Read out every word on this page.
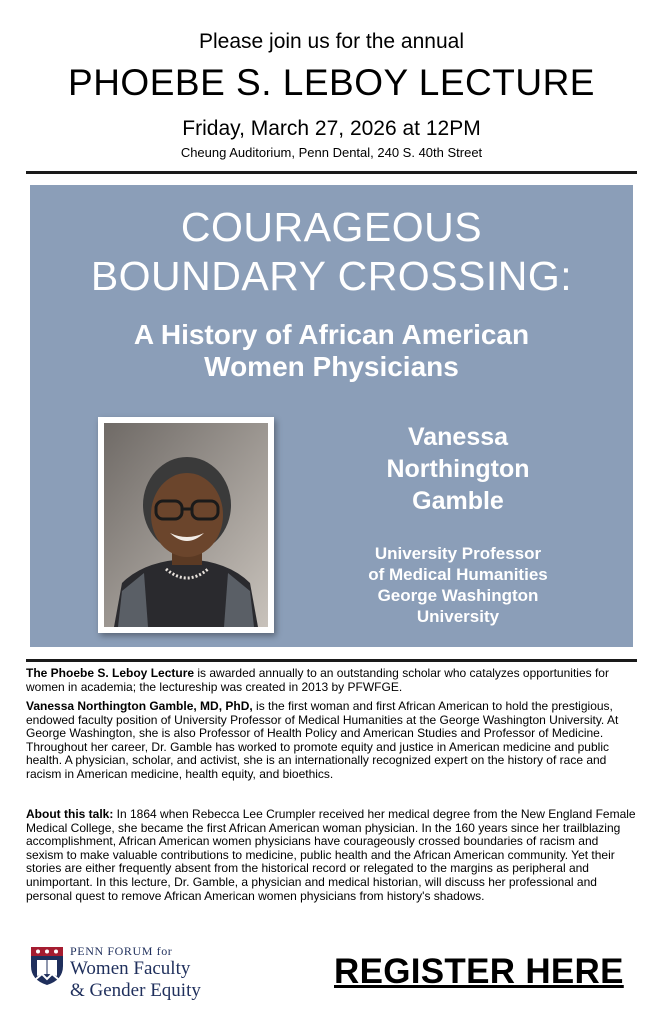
Please join us for the annual
PHOEBE S. LEBOY LECTURE
Friday, March 27, 2026 at 12PM
Cheung Auditorium, Penn Dental, 240 S. 40th Street
COURAGEOUS
BOUNDARY CROSSING:
A History of African American
Women Physicians
Vanessa
Northington
Gamble
University Professor
of Medical Humanities
George Washington
University

The Phoebe S. Leboy Lecture is awarded annually to an outstanding scholar who catalyzes opportunities for women in academia; the lectureship was created in 2013 by PFWFGE.

Vanessa Northington Gamble, MD, PhD, is the first woman and first African American to hold the prestigious, endowed faculty position of University Professor of Medical Humanities at the George Washington University. At George Washington, she is also Professor of Health Policy and American Studies and Professor of Medicine. Throughout her career, Dr. Gamble has worked to promote equity and justice in American medicine and public health. A physician, scholar, and activist, she is an internationally recognized expert on the history of race and racism in American medicine, health equity, and bioethics.

About this talk: In 1864 when Rebecca Lee Crumpler received her medical degree from the New England Female Medical College, she became the first African American woman physician. In the 160 years since her trailblazing accomplishment, African American women physicians have courageously crossed boundaries of racism and sexism to make valuable contributions to medicine, public health and the African American community. Yet their stories are either frequently absent from the historical record or relegated to the margins as peripheral and unimportant. In this lecture, Dr. Gamble, a physician and medical historian, will discuss her professional and personal quest to remove African American women physicians from history's shadows.

PENN FORUM for
Women Faculty
& Gender Equity	REGISTER HERE
